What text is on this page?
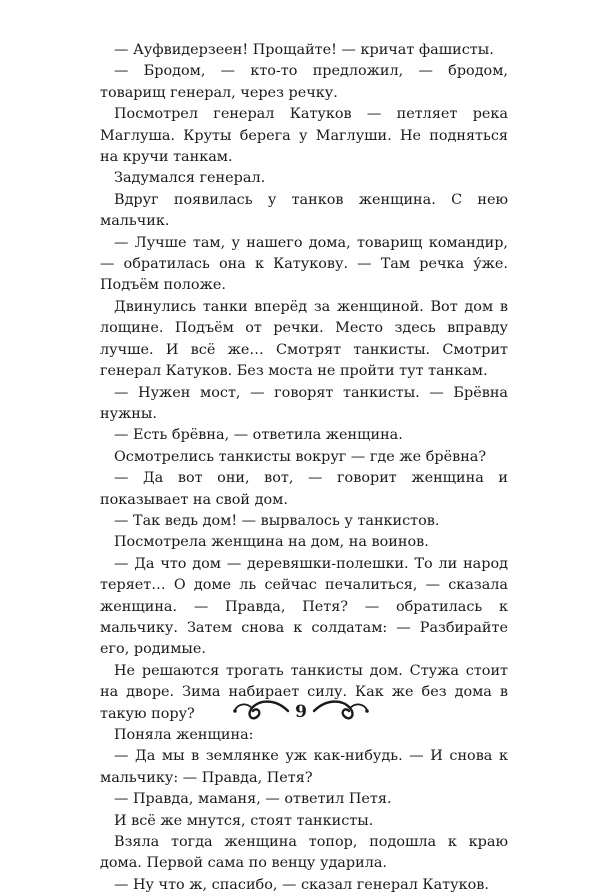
— Ауфвидерзеен! Прощайте! — кричат фашисты.

— Бродом, — кто-то предложил, — бродом, товарищ генерал, через речку.

Посмотрел генерал Катуков — петляет река Маглуша. Круты берега у Маглуши. Не подняться на кручи танкам.

Задумался генерал.

Вдруг появилась у танков женщина. С нею мальчик.

— Лучше там, у нашего дома, товарищ командир, — обратилась она к Катукову. — Там речка у́же. Подъём положе.

Двинулись танки вперёд за женщиной. Вот дом в лощине. Подъём от речки. Место здесь вправду лучше. И всё же… Смотрят танкисты. Смотрит генерал Катуков. Без моста не пройти тут танкам.

— Нужен мост, — говорят танкисты. — Брёвна нужны.

— Есть брёвна, — ответила женщина.

Осмотрелись танкисты вокруг — где же брёвна?

— Да вот они, вот, — говорит женщина и показывает на свой дом.

— Так ведь дом! — вырвалось у танкистов.

Посмотрела женщина на дом, на воинов.

— Да что дом — деревяшки-полешки. То ли народ теряет… О доме ль сейчас печалиться, — сказала женщина. — Правда, Петя? — обратилась к мальчику. Затем снова к солдатам: — Разбирайте его, родимые.

Не решаются трогать танкисты дом. Стужа стоит на дворе. Зима набирает силу. Как же без дома в такую пору?

Поняла женщина:

— Да мы в землянке уж как-нибудь. — И снова к мальчику: — Правда, Петя?

— Правда, маманя, — ответил Петя.

И всё же мнутся, стоят танкисты.

Взяла тогда женщина топор, подошла к краю дома. Первой сама по венцу ударила.

— Ну что ж, спасибо, — сказал генерал Катуков.

9
